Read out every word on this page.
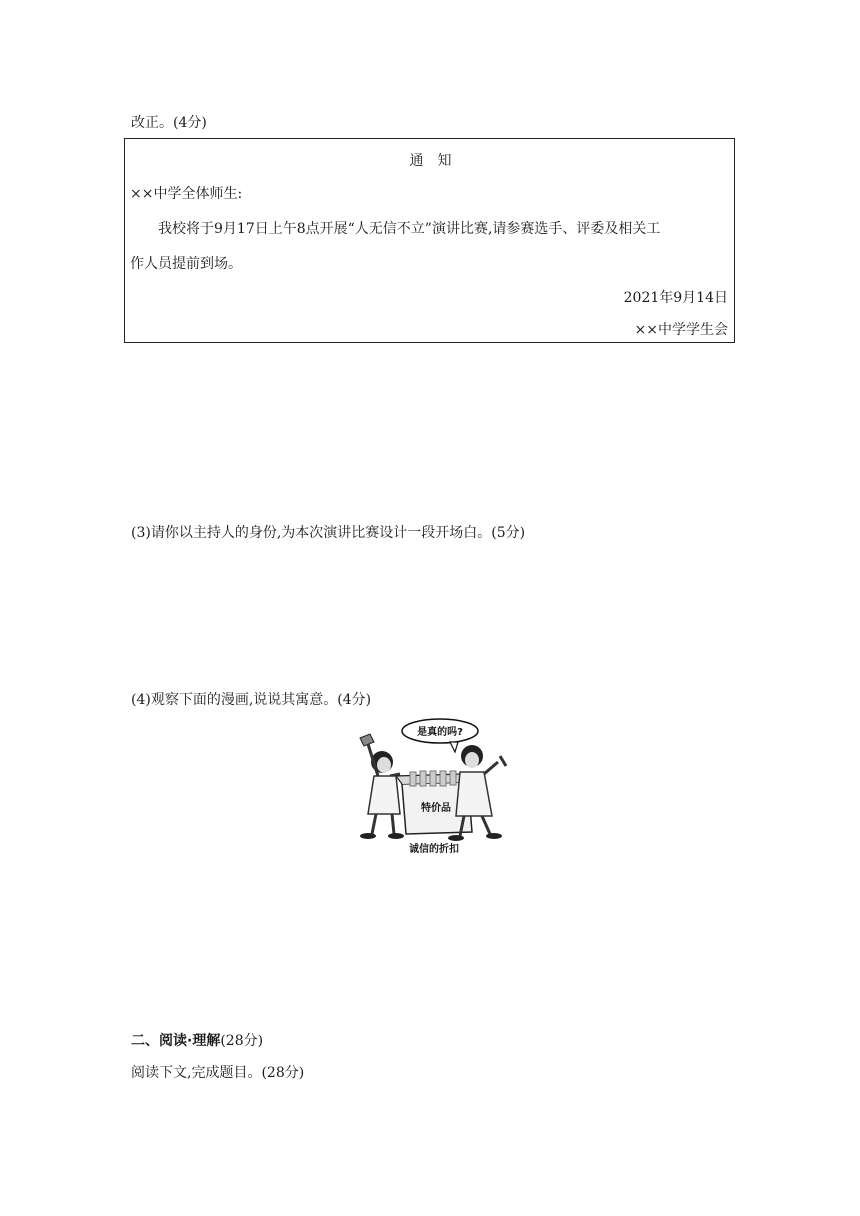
改正。(4分)
通　知
××中学全体师生:
我校将于9月17日上午8点开展“人无信不立”演讲比赛,请参赛选手、评委及相关工
作人员提前到场。
2021年9月14日
××中学学生会
(3)请你以主持人的身份,为本次演讲比赛设计一段开场白。(5分)
(4)观察下面的漫画,说说其寓意。(4分)
是真的吗?
特价品
诚信的折扣
二、阅读·理解(28分)
阅读下文,完成题目。(28分)
